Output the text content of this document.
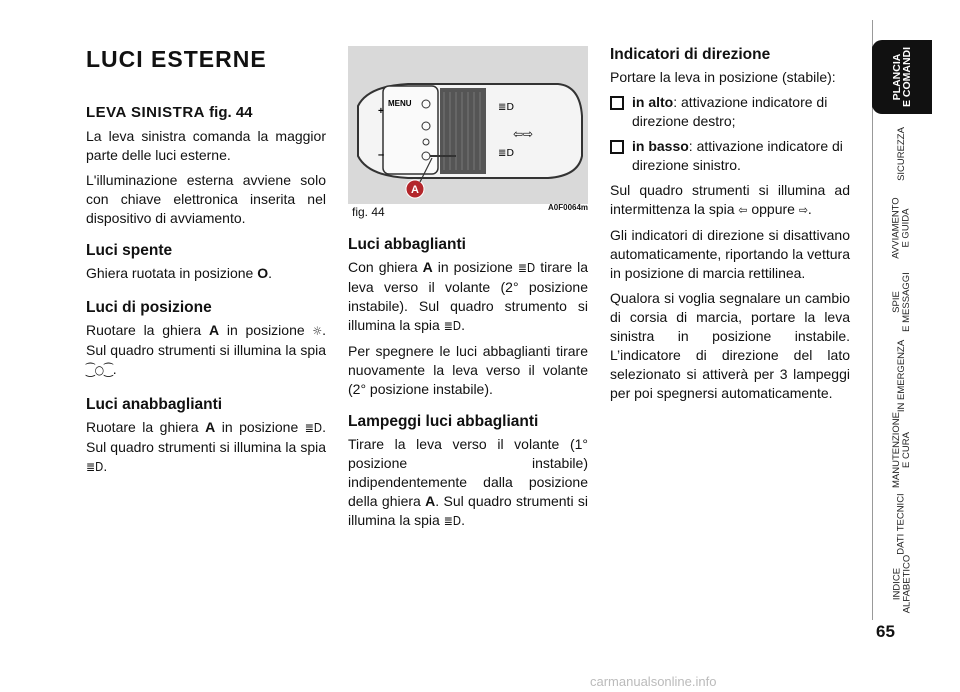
LUCI ESTERNE
LEVA SINISTRA fig. 44

La leva sinistra comanda la maggior parte delle luci esterne.

L'illuminazione esterna avviene solo con chiave elettronica inserita nel dispositivo di avviamento.

Luci spente

Ghiera ruotata in posizione O.

Luci di posizione

Ruotare la ghiera A in posizione ☼. Sul quadro strumenti si illumina la spia ⁐○⁐.

Luci anabbaglianti

Ruotare la ghiera A in posizione ≣D. Sul quadro strumenti si illumina la spia ≣D.

+
–
MENU	≣D
⇦⇨
≣D
A
fig. 44	A0F0064m
Luci abbaglianti

Con ghiera A in posizione ≣D tirare la leva verso il volante (2° posizione instabile). Sul quadro strumento si illumina la spia ≣D.

Per spegnere le luci abbaglianti tirare nuovamente la leva verso il volante (2° posizione instabile).

Lampeggi luci abbaglianti

Tirare la leva verso il volante (1° posizione instabile) indipendentemente dalla posizione della ghiera A. Sul quadro strumenti si illumina la spia ≣D.

Indicatori di direzione

Portare la leva in posizione (stabile):

in alto: attivazione indicatore di direzione destro;
in basso: attivazione indicatore di direzione sinistro.

Sul quadro strumenti si illumina ad intermittenza la spia ⇦ oppure ⇨.

Gli indicatori di direzione si disattivano automaticamente, riportando la vettura in posizione di marcia rettilinea.

Qualora si voglia segnalare un cambio di corsia di marcia, portare la leva sinistra in posizione instabile. L’indicatore di direzione del lato selezionato si attiverà per 3 lampeggi per poi spegnersi automaticamente.

PLANCIA
E COMANDI
SICUREZZA
AVVIAMENTO
E GUIDA
SPIE
E MESSAGGI
IN EMERGENZA
MANUTENZIONE
E CURA
DATI TECNICI
INDICE
ALFABETICO
65
carmanualsonline.info
